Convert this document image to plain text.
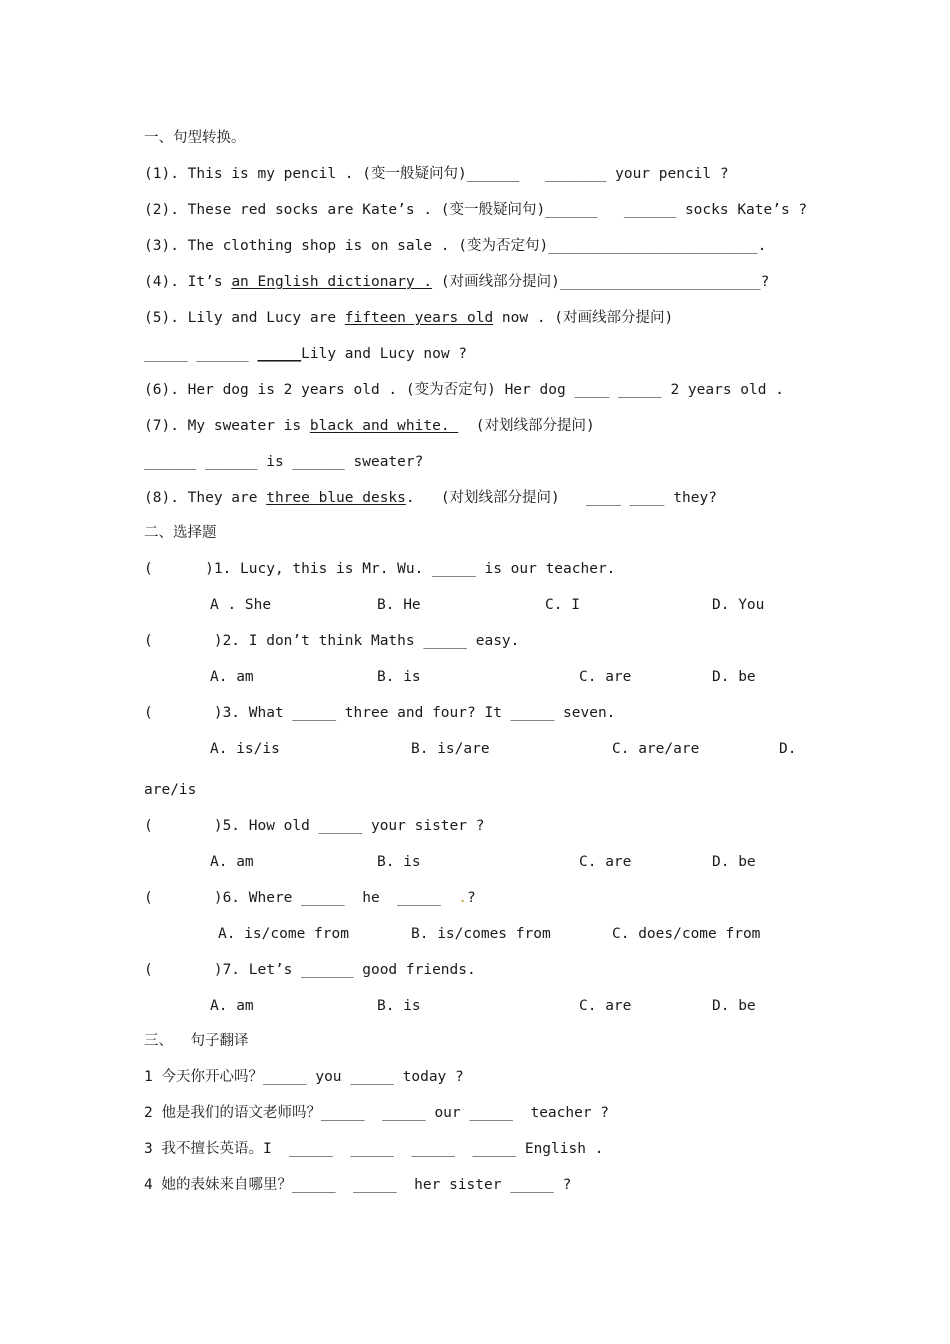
一、句型转换。
(1). This is my pencil . (变一般疑问句)______   _______ your pencil ?
(2). These red socks are Kate’s . (变一般疑问句)______   ______ socks Kate’s ?
(3). The clothing shop is on sale . (变为否定句)________________________.
(4). It’s an English dictionary . (对画线部分提问)_______________________?
(5). Lily and Lucy are fifteen years old now . (对画线部分提问)
_____ ______ _____Lily and Lucy now ?
(6). Her dog is 2 years old . (变为否定句) Her dog ____ _____ 2 years old .
(7). My sweater is black and white.   (对划线部分提问)
______ ______ is ______ sweater?
(8). They are three blue desks.   (对划线部分提问)   ____ ____ they?
二、选择题
(      )1. Lucy, this is Mr. Wu. _____ is our teacher.
A . She	B. He	C. I	D. You
(       )2. I don’t think Maths _____ easy.
A. am	B. is	C. are	D. be
(       )3. What _____ three and four? It _____ seven.
A. is/is	B. is/are	C. are/are	D.
are/is
(       )5. How old _____ your sister ?
A. am	B. is	C. are	D. be
(       )6. Where _____  he  _____  .?
A. is/come from	B. is/comes from	C. does/come from
(       )7. Let’s ______ good friends.
A. am	B. is	C. are	D. be
三、  句子翻译
1 今天你开心吗？_____ you _____ today ?
2 他是我们的语文老师吗？_____  _____ our _____  teacher ?
3 我不擅长英语。I  _____  _____  _____  _____ English .
4 她的表妹来自哪里？_____  _____  her sister _____ ?
